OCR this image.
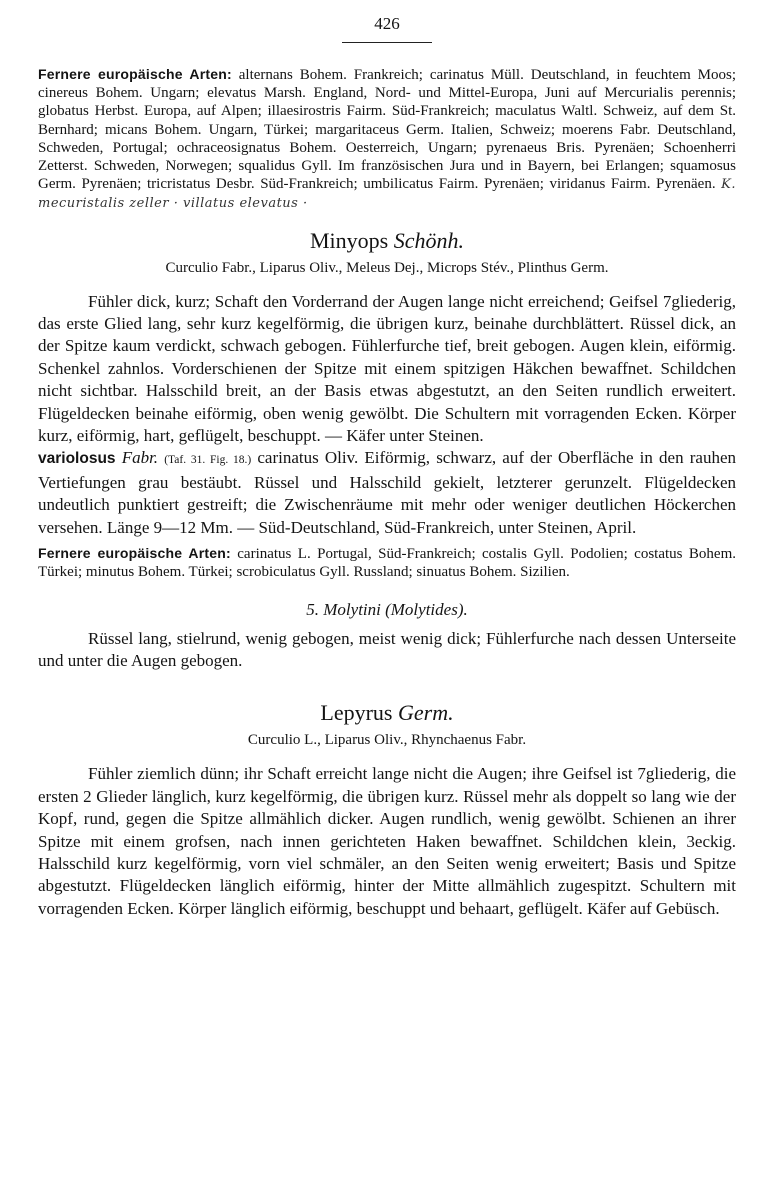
426

Fernere europäische Arten: alternans Bohem. Frankreich; carinatus Müll. Deutschland, in feuchtem Moos; cinereus Bohem. Ungarn; elevatus Marsh. England, Nord- und Mittel-Europa, Juni auf Mercurialis perennis; globatus Herbst. Europa, auf Alpen; illaesirostris Fairm. Süd-Frankreich; maculatus Waltl. Schweiz, auf dem St. Bernhard; micans Bohem. Ungarn, Türkei; margaritaceus Germ. Italien, Schweiz; moerens Fabr. Deutschland, Schweden, Portugal; ochraceosignatus Bohem. Oesterreich, Ungarn; pyrenaeus Bris. Pyrenäen; Schoenherri Zetterst. Schweden, Norwegen; squalidus Gyll. Im französischen Jura und in Bayern, bei Erlangen; squamosus Germ. Pyrenäen; tricristatus Desbr. Süd-Frankreich; umbilicatus Fairm. Pyrenäen; viridanus Fairm. Pyrenäen. K. mecuristalis zeller · villatus elevatus ·

Minyops Schönh.

Curculio Fabr., Liparus Oliv., Meleus Dej., Microps Stév., Plinthus Germ.

Fühler dick, kurz; Schaft den Vorderrand der Augen lange nicht erreichend; Geifsel 7gliederig, das erste Glied lang, sehr kurz kegelförmig, die übrigen kurz, beinahe durchblättert. Rüssel dick, an der Spitze kaum verdickt, schwach gebogen. Fühlerfurche tief, breit gebogen. Augen klein, eiförmig. Schenkel zahnlos. Vorderschienen der Spitze mit einem spitzigen Häkchen bewaffnet. Schildchen nicht sichtbar. Halsschild breit, an der Basis etwas abgestutzt, an den Seiten rundlich erweitert. Flügeldecken beinahe eiförmig, oben wenig gewölbt. Die Schultern mit vorragenden Ecken. Körper kurz, eiförmig, hart, geflügelt, beschuppt. — Käfer unter Steinen.

variolosus Fabr. (Taf. 31. Fig. 18.) carinatus Oliv. Eiförmig, schwarz, auf der Oberfläche in den rauhen Vertiefungen grau bestäubt. Rüssel und Halsschild gekielt, letzterer gerunzelt. Flügeldecken undeutlich punktiert gestreift; die Zwischenräume mit mehr oder weniger deutlichen Höckerchen versehen. Länge 9—12 Mm. — Süd-Deutschland, Süd-Frankreich, unter Steinen, April.

Fernere europäische Arten: carinatus L. Portugal, Süd-Frankreich; costalis Gyll. Podolien; costatus Bohem. Türkei; minutus Bohem. Türkei; scrobiculatus Gyll. Russland; sinuatus Bohem. Sizilien.

5. Molytini (Molytides).

Rüssel lang, stielrund, wenig gebogen, meist wenig dick; Fühlerfurche nach dessen Unterseite und unter die Augen gebogen.

Lepyrus Germ.

Curculio L., Liparus Oliv., Rhynchaenus Fabr.

Fühler ziemlich dünn; ihr Schaft erreicht lange nicht die Augen; ihre Geifsel ist 7gliederig, die ersten 2 Glieder länglich, kurz kegelförmig, die übrigen kurz. Rüssel mehr als doppelt so lang wie der Kopf, rund, gegen die Spitze allmählich dicker. Augen rundlich, wenig gewölbt. Schienen an ihrer Spitze mit einem grofsen, nach innen gerichteten Haken bewaffnet. Schildchen klein, 3eckig. Halsschild kurz kegelförmig, vorn viel schmäler, an den Seiten wenig erweitert; Basis und Spitze abgestutzt. Flügeldecken länglich eiförmig, hinter der Mitte allmählich zugespitzt. Schultern mit vorragenden Ecken. Körper länglich eiförmig, beschuppt und behaart, geflügelt. Käfer auf Gebüsch.
